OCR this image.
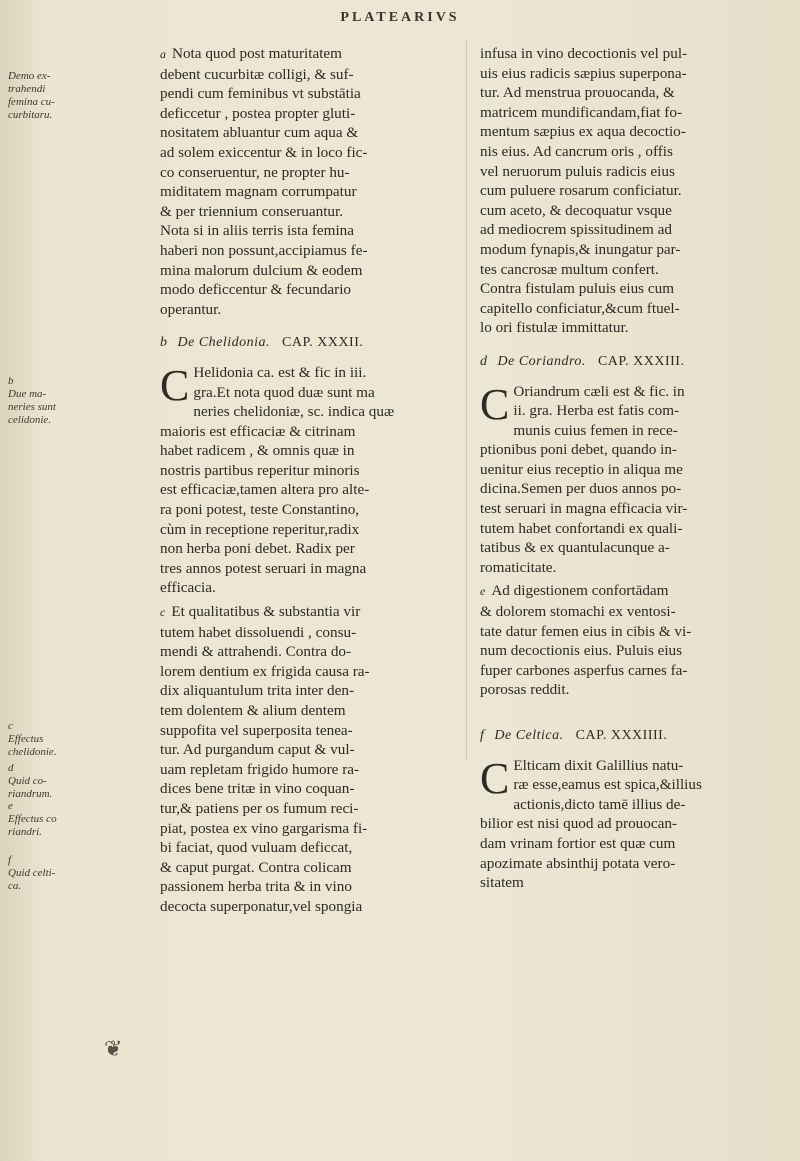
PLATEARIVS
Demo ex-
trahendi
femina cu-
curbitaru.
b
Due ma-
neries sunt
celidonie.
c
Effectus
chelidonie.
d
Quid co-
riandrum.
e
Effectus co
riandri.
f
Quid celti-
ca.
a Nota quod post maturitatem
debent cucurbitæ colligi, & suf-
pendi cum feminibus vt substātia
deficcetur , postea propter gluti-
nositatem abluantur cum aqua &
ad solem exiccentur & in loco fic-
co conseruentur, ne propter hu-
miditatem magnam corrumpatur
& per triennium conseruantur.
Nota si in aliis terris ista femina
haberi non possunt,accipiamus fe-
mina malorum dulcium & eodem
modo deficcentur & fecundario
operantur.
b De Chelidonia. CAP. XXXII.
C Helidonia ca. est & fic in iii.
gra.Et nota quod duæ sunt ma
neries chelidoniæ, sc. indica quæ
maioris est efficaciæ & citrinam
habet radicem , & omnis quæ in
nostris partibus reperitur minoris
est efficaciæ,tamen altera pro alte-
ra poni potest, teste Constantino,
cùm in receptione reperitur,radix
non herba poni debet. Radix per
tres annos potest seruari in magna
efficacia.
c Et qualitatibus & substantia vir
tutem habet dissoluendi , consu-
mendi & attrahendi. Contra do-
lorem dentium ex frigida causa ra-
dix aliquantulum trita inter den-
tem dolentem & alium dentem
suppofita vel superposita tenea-
tur. Ad purgandum caput & vul-
uam repletam frigido humore ra-
dices bene tritæ in vino coquan-
tur,& patiens per os fumum reci-
piat, postea ex vino gargarisma fi-
bi faciat, quod vuluam deficcat,
& caput purgat. Contra colicam
passionem herba trita & in vino
decocta superponatur,vel spongia
infusa in vino decoctionis vel pul-
uis eius radicis sæpius superpona-
tur. Ad menstrua prouocanda, &
matricem mundificandam,fiat fo-
mentum sæpius ex aqua decoctio-
nis eius. Ad cancrum oris , offis
vel neruorum puluis radicis eius
cum puluere rosarum conficiatur.
cum aceto, & decoquatur vsque
ad mediocrem spissitudinem ad
modum fynapis,& inungatur par-
tes cancrosæ multum confert.
Contra fistulam puluis eius cum
capitello conficiatur,&cum ftuel-
lo ori fistulæ immittatur.
d De Coriandro. CAP. XXXIII.
C Oriandrum cæli est & fic. in
ii. gra. Herba est fatis com-
munis cuius femen in rece-
ptionibus poni debet, quando in-
uenitur eius receptio in aliqua me
dicina.Semen per duos annos po-
test seruari in magna efficacia vir-
tutem habet confortandi ex quali-
tatibus & ex quantulacunque a-
romaticitate.
e Ad digestionem confortādam
& dolorem stomachi ex ventosi-
tate datur femen eius in cibis & vi-
num decoctionis eius. Puluis eius
fuper carbones asperfus carnes fa-
porosas reddit.
f De Celtica. CAP. XXXIIII.
C Elticam dixit Galillius natu-
ræ esse,eamus est spica,&illius
actionis,dicto tamē illius de-
bilior est nisi quod ad prouocan-
dam vrinam fortior est quæ cum
apozimate absinthij potata vero-
sitatem
❦
